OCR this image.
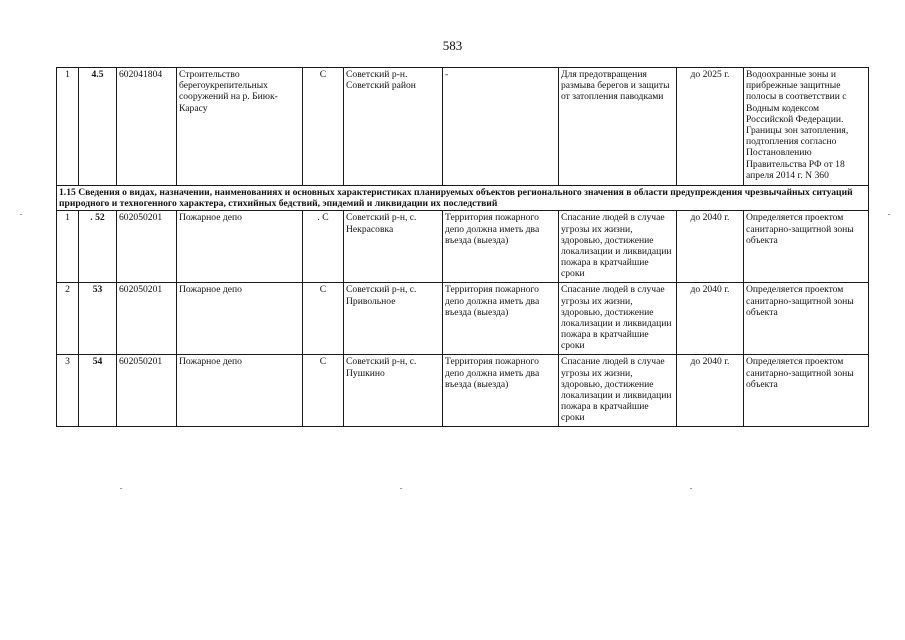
583
1	4.5	602041804	Строительство берегоукрепительных сооружений на р. Биюк-Карасу	С	Советский р-н. Советский район	-	Для предотвращения размыва берегов и защиты от затопления паводками	до 2025 г.	Водоохранные зоны и прибрежные защитные полосы в соответствии с Водным кодексом Российской Федерации. Границы зон затопления, подтопления согласно Постановлению Правительства РФ от 18 апреля 2014 г. N 360
1.15 Сведения о видах, назначении, наименованиях и основных характеристиках планируемых объектов регионального значения в области предупреждения чрезвычайных ситуаций природного и техногенного характера, стихийных бедствий, эпидемий и ликвидации их последствий									
1	. 52	602050201	Пожарное депо	. С	Советский р-н, с. Некрасовка	Территория пожарного депо должна иметь два въезда (выезда)	Спасание людей в случае угрозы их жизни, здоровью, достижение локализации и ликвидации пожара в кратчайшие сроки	до 2040 г.	Определяется проектом санитарно-защитной зоны объекта
2	53	602050201	Пожарное депо	С	Советский р-н, с. Привольное	Территория пожарного депо должна иметь два въезда (выезда)	Спасание людей в случае угрозы их жизни, здоровью, достижение локализации и ликвидации пожара в кратчайшие сроки	до 2040 г.	Определяется проектом санитарно-защитной зоны объекта
3	54	602050201	Пожарное депо	С	Советский р-н, с. Пушкино	Территория пожарного депо должна иметь два въезда (выезда)	Спасание людей в случае угрозы их жизни, здоровью, достижение локализации и ликвидации пожара в кратчайшие сроки	до 2040 г.	Определяется проектом санитарно-защитной зоны объекта
